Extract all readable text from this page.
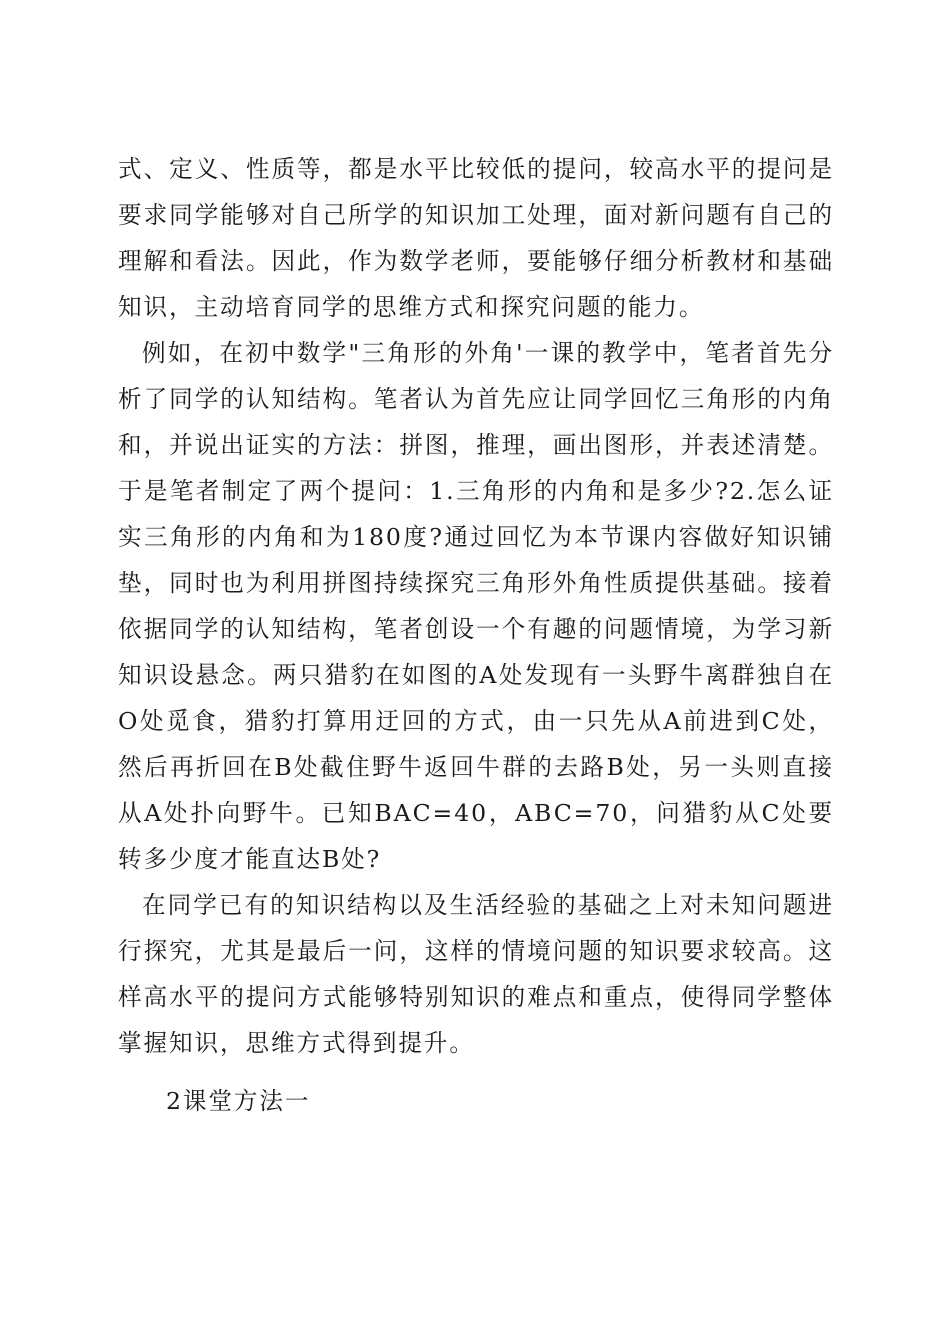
式、定义、性质等，都是水平比较低的提问，较高水平的提问是要求同学能够对自己所学的知识加工处理，面对新问题有自己的理解和看法。因此，作为数学老师，要能够仔细分析教材和基础知识，主动培育同学的思维方式和探究问题的能力。

例如，在初中数学"三角形的外角'一课的教学中，笔者首先分析了同学的认知结构。笔者认为首先应让同学回忆三角形的内角和，并说出证实的方法：拼图，推理，画出图形，并表述清楚。于是笔者制定了两个提问：1.三角形的内角和是多少?2.怎么证实三角形的内角和为180度?通过回忆为本节课内容做好知识铺垫，同时也为利用拼图持续探究三角形外角性质提供基础。接着依据同学的认知结构，笔者创设一个有趣的问题情境，为学习新知识设悬念。两只猎豹在如图的A处发现有一头野牛离群独自在O处觅食，猎豹打算用迂回的方式，由一只先从A前进到C处，然后再折回在B处截住野牛返回牛群的去路B处，另一头则直接从A处扑向野牛。已知BAC=40，ABC=70，问猎豹从C处要转多少度才能直达B处?

在同学已有的知识结构以及生活经验的基础之上对未知问题进行探究，尤其是最后一问，这样的情境问题的知识要求较高。这样高水平的提问方式能够特别知识的难点和重点，使得同学整体掌握知识，思维方式得到提升。

2课堂方法一
